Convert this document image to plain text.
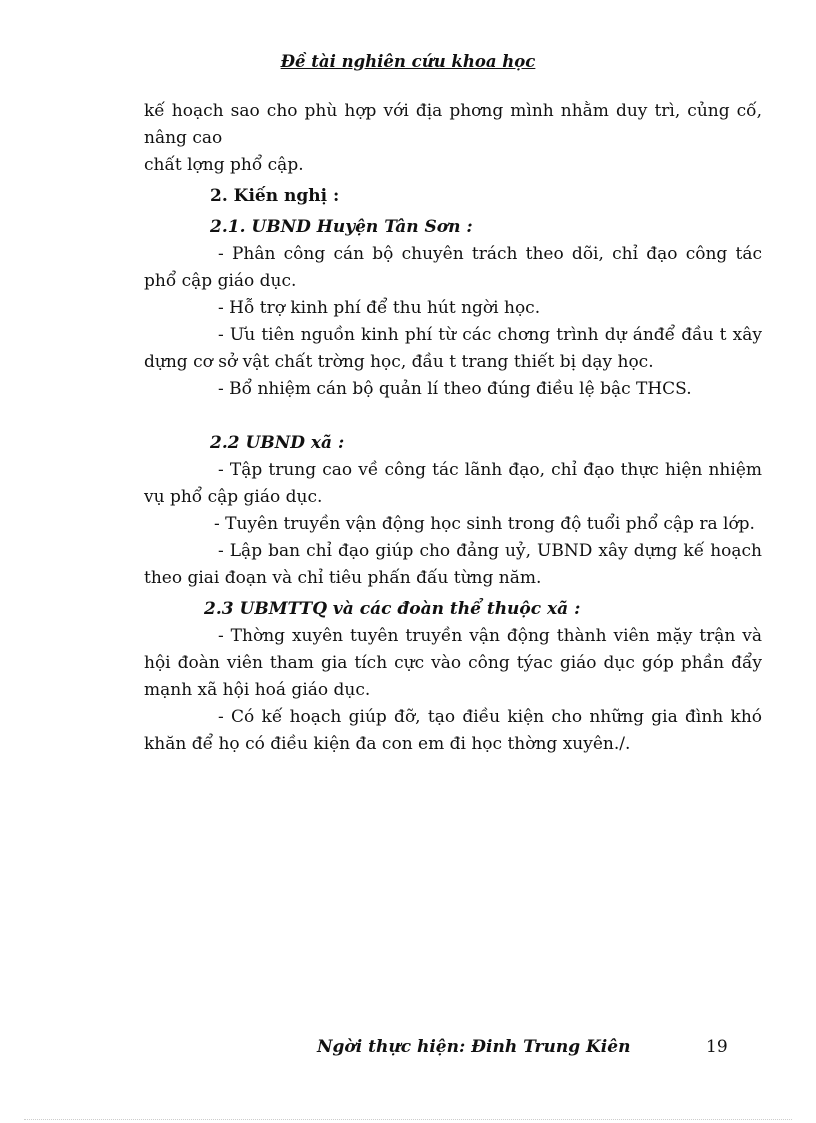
Đề tài nghiên cứu khoa học

kế hoạch sao cho phù hợp với địa phơng mình nhằm duy trì, củng cố, nâng cao

chất lợng phổ cập.

2. Kiến nghị :

2.1. UBND Huyện Tân Sơn :

- Phân công cán bộ chuyên trách theo dõi, chỉ đạo công tác phổ cập giáo dục.

- Hỗ trợ kinh phí để thu hút ngời học.

- Ưu tiên nguồn kinh phí từ các chơng trình dự ánđể đầu t xây dựng cơ sở vật chất trờng học, đầu t trang thiết bị dạy học.

- Bổ nhiệm cán bộ quản lí theo đúng điều lệ bậc THCS.

2.2 UBND xã :

- Tập trung cao về công tác lãnh đạo, chỉ đạo thực hiện nhiệm vụ phổ cập giáo dục.

- Tuyên truyền vận động học sinh trong độ tuổi phổ cập ra lớp.

- Lập ban chỉ đạo giúp cho đảng uỷ, UBND xây dựng kế hoạch theo giai đoạn và chỉ tiêu phấn đấu từng năm.

2.3 UBMTTQ và các đoàn thể thuộc xã :

- Thờng xuyên tuyên truyền vận động thành viên mặy trận và hội đoàn viên tham gia tích cực vào công týac giáo dục góp phần đẩy mạnh xã hội hoá giáo dục.

- Có kế hoạch giúp đỡ, tạo điều kiện cho những gia đình khó khăn để họ có điều kiện đa con em đi học thờng xuyên./.

Ngời thực hiện: Đinh Trung Kiên	19
